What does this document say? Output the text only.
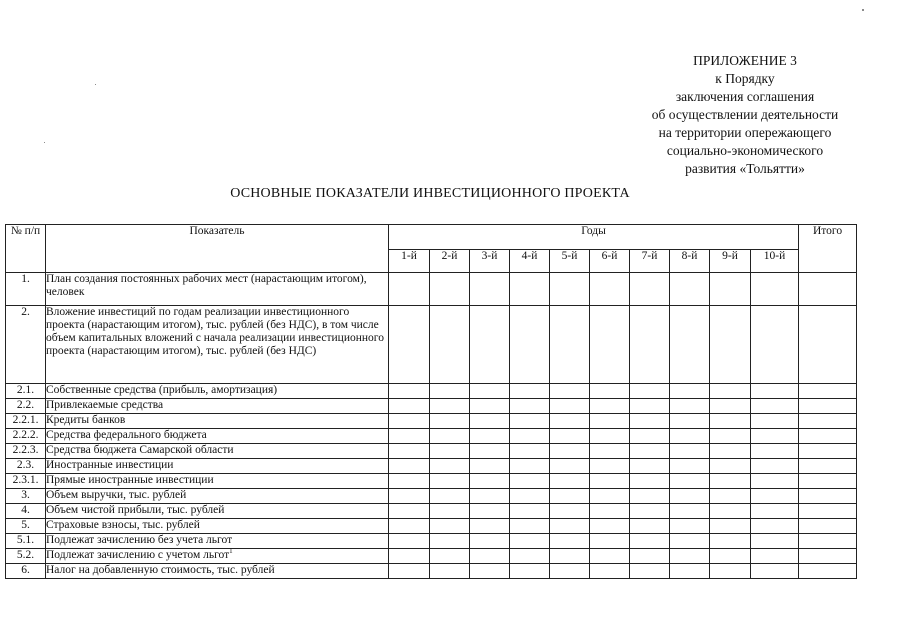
ПРИЛОЖЕНИЕ 3
к Порядку
заключения соглашения
об осуществлении деятельности
на территории опережающего
социально-экономического
развития «Тольятти»
ОСНОВНЫЕ ПОКАЗАТЕЛИ ИНВЕСТИЦИОННОГО ПРОЕКТА
№ п/п	Показатель	Годы										Итого
		1-й	2-й	3-й	4-й	5-й	6-й	7-й	8-й	9-й	10-й	
1.	План создания постоянных рабочих мест (нарастающим итогом), человек											
2.	Вложение инвестиций по годам реализации инвестиционного проекта (нарастающим итогом), тыс. рублей (без НДС), в том числе объем капитальных вложений с начала реализации инвестиционного проекта (нарастающим итогом), тыс. рублей (без НДС)											
2.1.	Собственные средства (прибыль, амортизация)											
2.2.	Привлекаемые средства											
2.2.1.	Кредиты банков											
2.2.2.	Средства федерального бюджета											
2.2.3.	Средства бюджета Самарской области											
2.3.	Иностранные инвестиции											
2.3.1.	Прямые иностранные инвестиции											
3.	Объем выручки, тыс. рублей											
4.	Объем чистой прибыли, тыс. рублей											
5.	Страховые взносы, тыс. рублей											
5.1.	Подлежат зачислению без учета льгот											
5.2.	Подлежат зачислению с учетом льгот$^1$											
6.	Налог на добавленную стоимость, тыс. рублей											
